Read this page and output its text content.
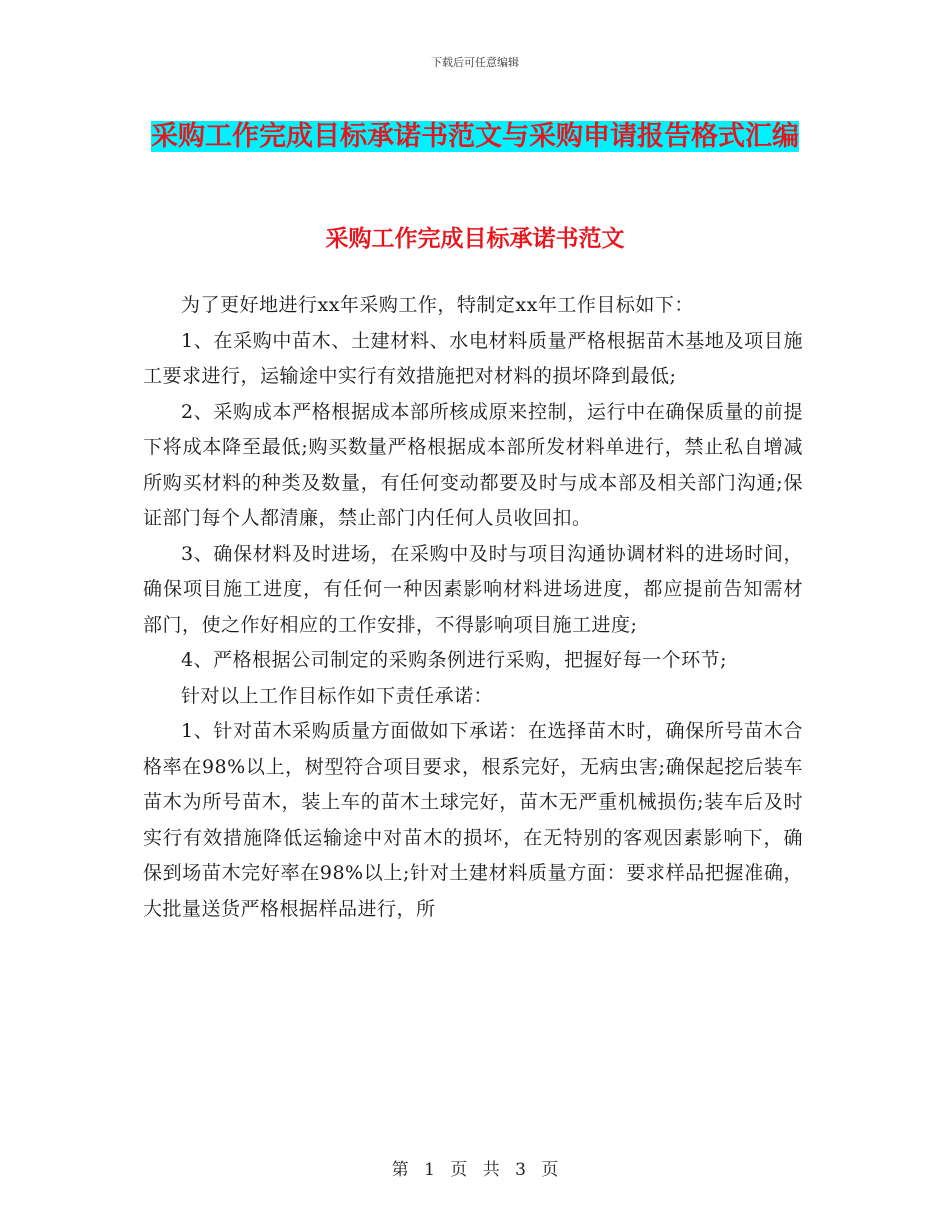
下载后可任意编辑
采购工作完成目标承诺书范文与采购申请报告格式汇编
采购工作完成目标承诺书范文

为了更好地进行xx年采购工作，特制定xx年工作目标如下：

1、在采购中苗木、土建材料、水电材料质量严格根据苗木基地及项目施工要求进行，运输途中实行有效措施把对材料的损坏降到最低;

2、采购成本严格根据成本部所核成原来控制，运行中在确保质量的前提下将成本降至最低;购买数量严格根据成本部所发材料单进行，禁止私自增减所购买材料的种类及数量，有任何变动都要及时与成本部及相关部门沟通;保证部门每个人都清廉，禁止部门内任何人员收回扣。

3、确保材料及时进场，在采购中及时与项目沟通协调材料的进场时间，确保项目施工进度，有任何一种因素影响材料进场进度，都应提前告知需材部门，使之作好相应的工作安排，不得影响项目施工进度;

4、严格根据公司制定的采购条例进行采购，把握好每一个环节;

针对以上工作目标作如下责任承诺：

1、针对苗木采购质量方面做如下承诺：在选择苗木时，确保所号苗木合格率在98%以上，树型符合项目要求，根系完好，无病虫害;确保起挖后装车苗木为所号苗木，装上车的苗木土球完好，苗木无严重机械损伤;装车后及时实行有效措施降低运输途中对苗木的损坏，在无特别的客观因素影响下，确保到场苗木完好率在98%以上;针对土建材料质量方面：要求样品把握准确，大批量送货严格根据样品进行，所

第 1 页 共 3 页
